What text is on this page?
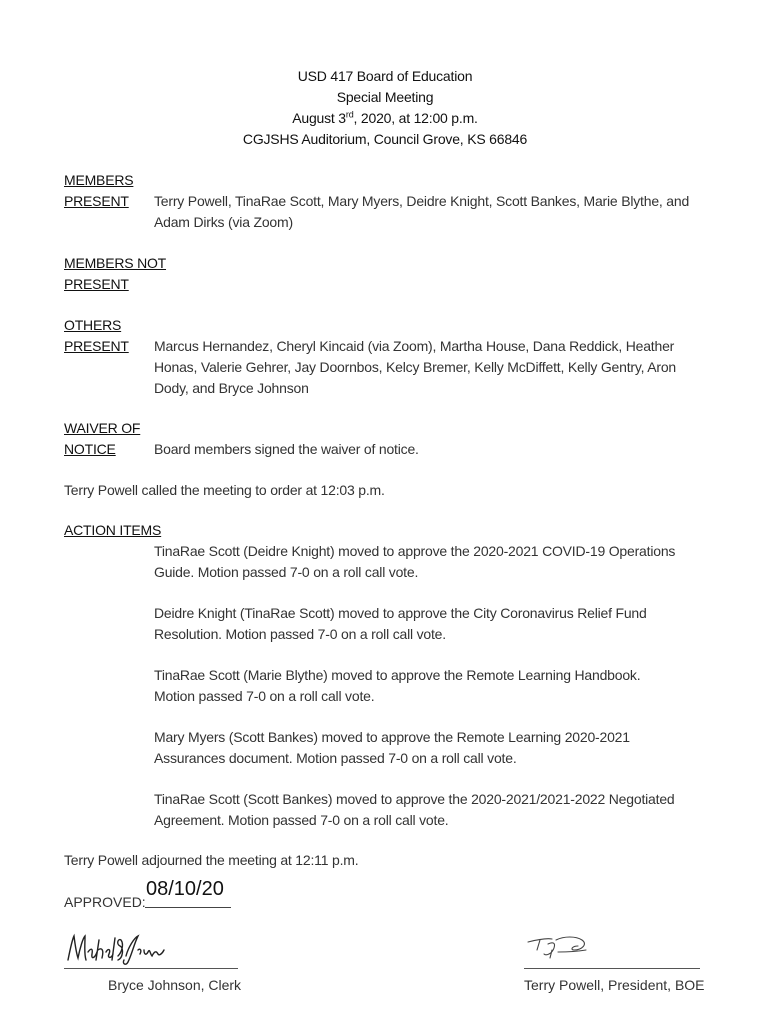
USD 417 Board of Education
Special Meeting
August 3rd, 2020, at 12:00 p.m.
CGJSHS Auditorium, Council Grove, KS 66846
MEMBERS
PRESENT	Terry Powell, TinaRae Scott, Mary Myers, Deidre Knight, Scott Bankes, Marie Blythe, and
Adam Dirks (via Zoom)
MEMBERS NOT
PRESENT
OTHERS
PRESENT Marcus Hernandez, Cheryl Kincaid (via Zoom), Martha House, Dana Reddick, Heather
Honas, Valerie Gehrer, Jay Doornbos, Kelcy Bremer, Kelly McDiffett, Kelly Gentry, Aron
Dody, and Bryce Johnson
WAIVER OF
NOTICE	Board members signed the waiver of notice.
Terry Powell called the meeting to order at 12:03 p.m.
ACTION ITEMS
TinaRae Scott (Deidre Knight) moved to approve the 2020-2021 COVID-19 Operations
Guide. Motion passed 7-0 on a roll call vote.
Deidre Knight (TinaRae Scott) moved to approve the City Coronavirus Relief Fund
Resolution. Motion passed 7-0 on a roll call vote.
TinaRae Scott (Marie Blythe) moved to approve the Remote Learning Handbook.
Motion passed 7-0 on a roll call vote.
Mary Myers (Scott Bankes) moved to approve the Remote Learning 2020-2021
Assurances document. Motion passed 7-0 on a roll call vote.
TinaRae Scott (Scott Bankes) moved to approve the 2020-2021/2021-2022 Negotiated
Agreement. Motion passed 7-0 on a roll call vote.
Terry Powell adjourned the meeting at 12:11 p.m.
APPROVED:
08/10/20
Bryce Johnson, Clerk	Terry Powell, President, BOE
